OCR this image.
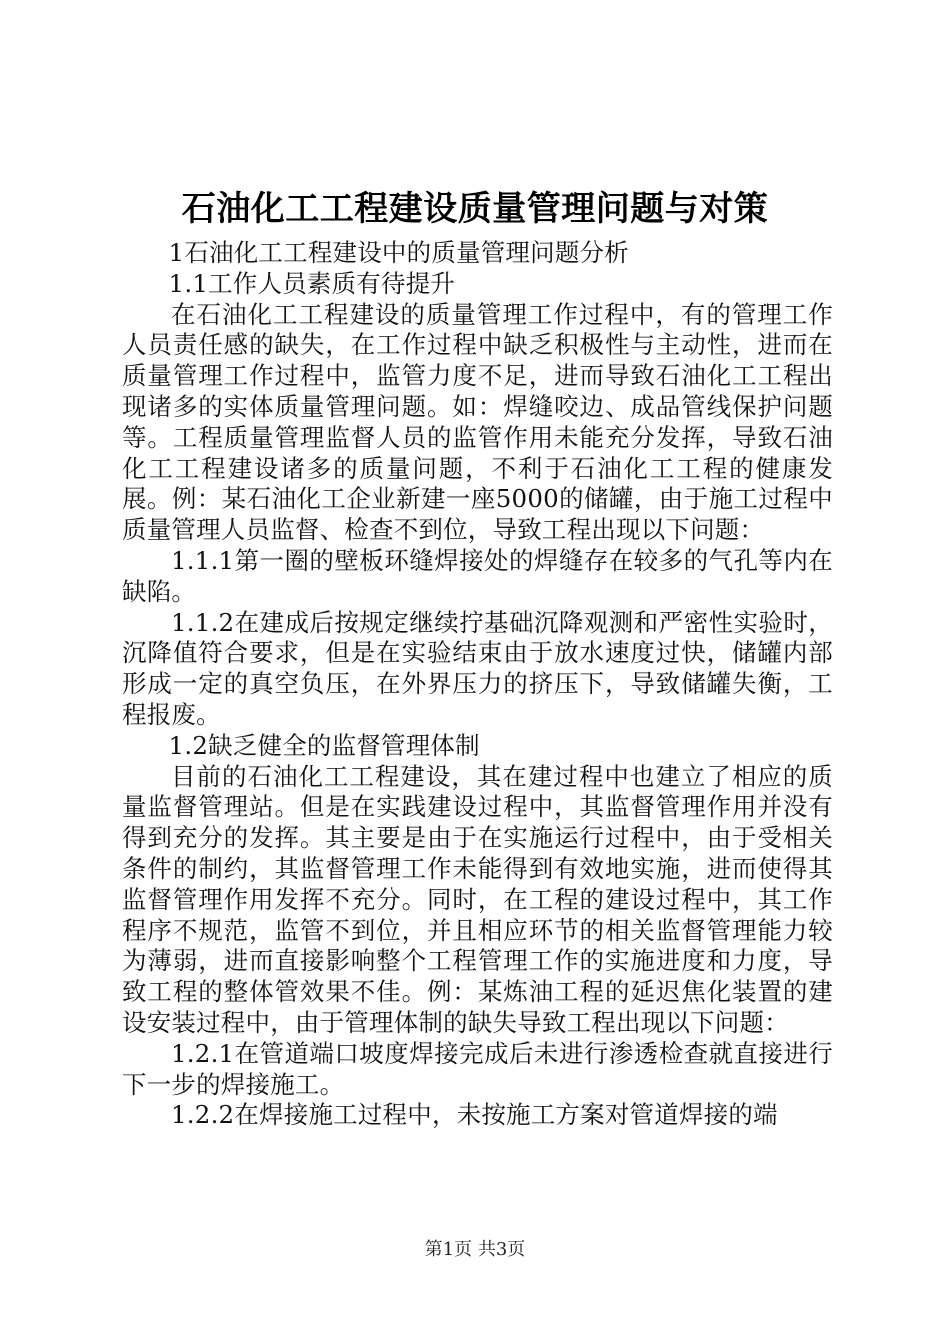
石油化工工程建设质量管理问题与对策

1石油化工工程建设中的质量管理问题分析

1.1工作人员素质有待提升

在石油化工工程建设的质量管理工作过程中，有的管理工作人员责任感的缺失，在工作过程中缺乏积极性与主动性，进而在质量管理工作过程中，监管力度不足，进而导致石油化工工程出现诸多的实体质量管理问题。如：焊缝咬边、成品管线保护问题等。工程质量管理监督人员的监管作用未能充分发挥，导致石油化工工程建设诸多的质量问题，不利于石油化工工程的健康发展。例：某石油化工企业新建一座5000的储罐，由于施工过程中质量管理人员监督、检查不到位，导致工程出现以下问题：

1.1.1第一圈的壁板环缝焊接处的焊缝存在较多的气孔等内在缺陷。

1.1.2在建成后按规定继续拧基础沉降观测和严密性实验时，沉降值符合要求，但是在实验结束由于放水速度过快，储罐内部形成一定的真空负压，在外界压力的挤压下，导致储罐失衡，工程报废。

1.2缺乏健全的监督管理体制

目前的石油化工工程建设，其在建过程中也建立了相应的质量监督管理站。但是在实践建设过程中，其监督管理作用并没有得到充分的发挥。其主要是由于在实施运行过程中，由于受相关条件的制约，其监督管理工作未能得到有效地实施，进而使得其监督管理作用发挥不充分。同时，在工程的建设过程中，其工作程序不规范，监管不到位，并且相应环节的相关监督管理能力较为薄弱，进而直接影响整个工程管理工作的实施进度和力度，导致工程的整体管效果不佳。例：某炼油工程的延迟焦化装置的建设安装过程中，由于管理体制的缺失导致工程出现以下问题：

1.2.1在管道端口坡度焊接完成后未进行渗透检查就直接进行下一步的焊接施工。

1.2.2在焊接施工过程中，未按施工方案对管道焊接的端

第1页 共3页
